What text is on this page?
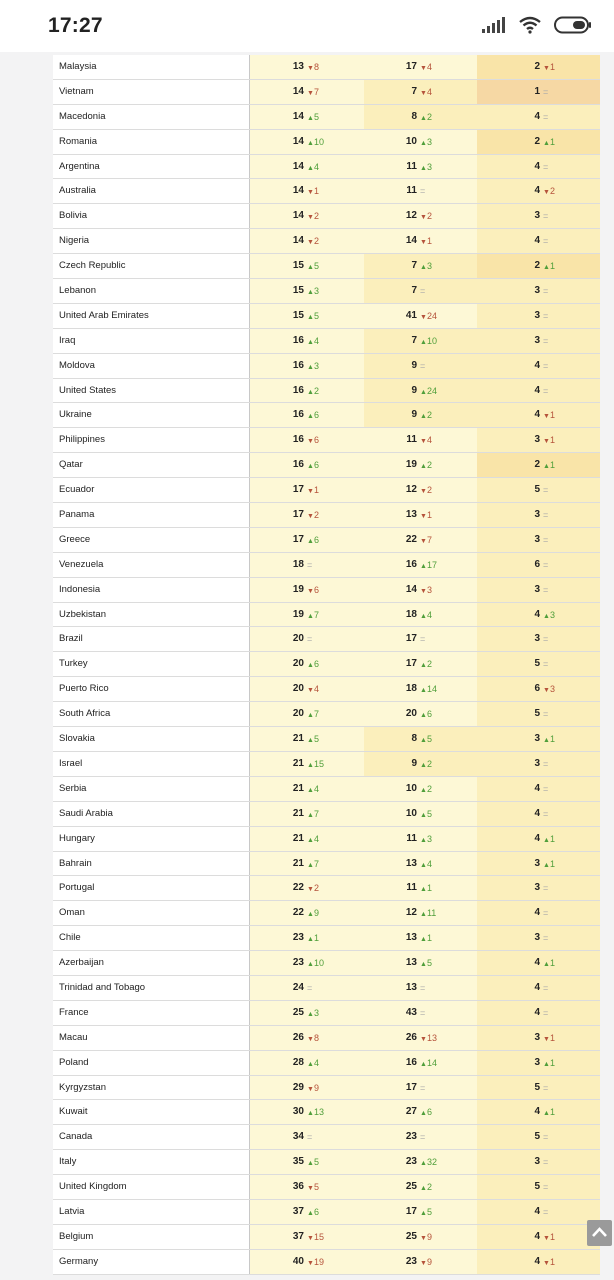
17:27
Malaysia	13 ▼8	17 ▼4	2 ▼1
Vietnam	14 ▼7	7 ▼4	1 =
Macedonia	14 ▲5	8 ▲2	4 =
Romania	14 ▲10	10 ▲3	2 ▲1
Argentina	14 ▲4	11 ▲3	4 =
Australia	14 ▼1	11 =	4 ▼2
Bolivia	14 ▼2	12 ▼2	3 =
Nigeria	14 ▼2	14 ▼1	4 =
Czech Republic	15 ▲5	7 ▲3	2 ▲1
Lebanon	15 ▲3	7 =	3 =
United Arab Emirates	15 ▲5	41 ▼24	3 =
Iraq	16 ▲4	7 ▲10	3 =
Moldova	16 ▲3	9 =	4 =
United States	16 ▲2	9 ▲24	4 =
Ukraine	16 ▲6	9 ▲2	4 ▼1
Philippines	16 ▼6	11 ▼4	3 ▼1
Qatar	16 ▲6	19 ▲2	2 ▲1
Ecuador	17 ▼1	12 ▼2	5 =
Panama	17 ▼2	13 ▼1	3 =
Greece	17 ▲6	22 ▼7	3 =
Venezuela	18 =	16 ▲17	6 =
Indonesia	19 ▼6	14 ▼3	3 =
Uzbekistan	19 ▲7	18 ▲4	4 ▲3
Brazil	20 =	17 =	3 =
Turkey	20 ▲6	17 ▲2	5 =
Puerto Rico	20 ▼4	18 ▲14	6 ▼3
South Africa	20 ▲7	20 ▲6	5 =
Slovakia	21 ▲5	8 ▲5	3 ▲1
Israel	21 ▲15	9 ▲2	3 =
Serbia	21 ▲4	10 ▲2	4 =
Saudi Arabia	21 ▲7	10 ▲5	4 =
Hungary	21 ▲4	11 ▲3	4 ▲1
Bahrain	21 ▲7	13 ▲4	3 ▲1
Portugal	22 ▼2	11 ▲1	3 =
Oman	22 ▲9	12 ▲11	4 =
Chile	23 ▲1	13 ▲1	3 =
Azerbaijan	23 ▲10	13 ▲5	4 ▲1
Trinidad and Tobago	24 =	13 =	4 =
France	25 ▲3	43 =	4 =
Macau	26 ▼8	26 ▼13	3 ▼1
Poland	28 ▲4	16 ▲14	3 ▲1
Kyrgyzstan	29 ▼9	17 =	5 =
Kuwait	30 ▲13	27 ▲6	4 ▲1
Canada	34 =	23 =	5 =
Italy	35 ▲5	23 ▲32	3 =
United Kingdom	36 ▼5	25 ▲2	5 =
Latvia	37 ▲6	17 ▲5	4 =
Belgium	37 ▼15	25 ▼9	4 ▼1
Germany	40 ▼19	23 ▼9	4 ▼1
